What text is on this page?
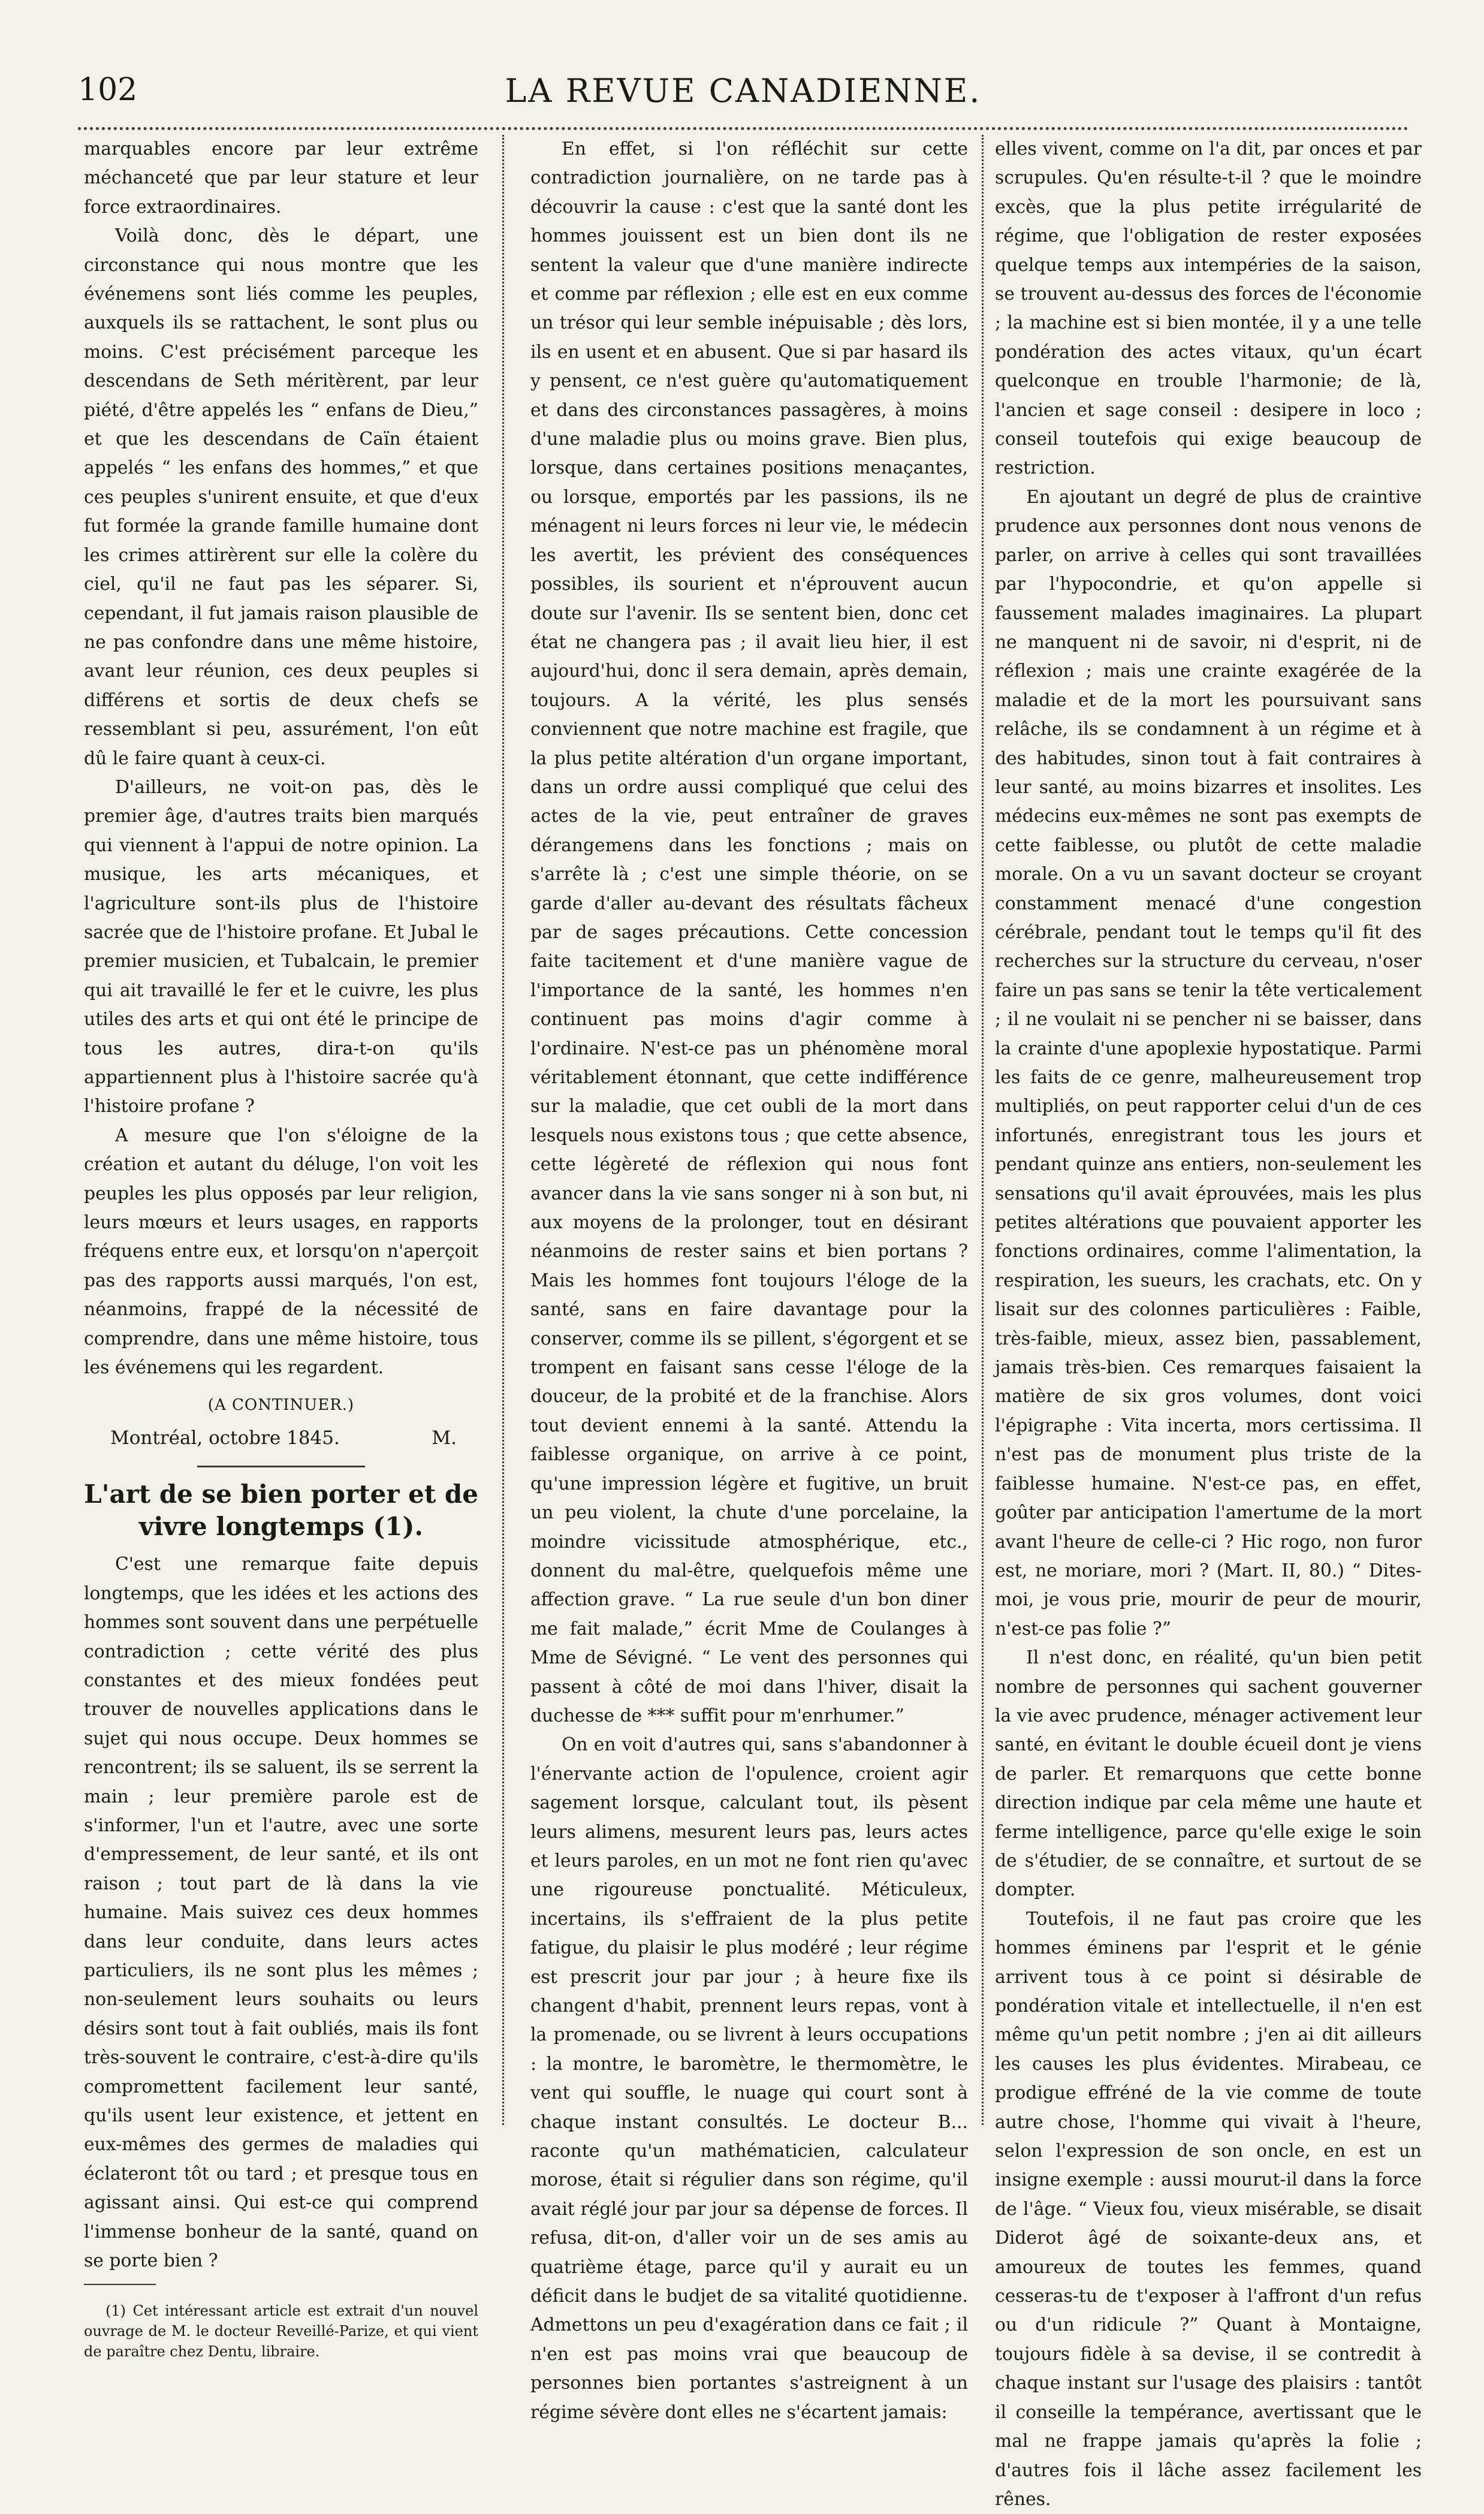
102	LA REVUE CANADIENNE.

marquables encore par leur extrême méchanceté que par leur stature et leur force extraordinaires.

Voilà donc, dès le départ, une circonstance qui nous montre que les événemens sont liés comme les peuples, auxquels ils se rattachent, le sont plus ou moins. C'est précisément parceque les descendans de Seth méritèrent, par leur piété, d'être appelés les “ enfans de Dieu,” et que les descendans de Caïn étaient appelés “ les enfans des hommes,” et que ces peuples s'unirent ensuite, et que d'eux fut formée la grande famille humaine dont les crimes attirèrent sur elle la colère du ciel, qu'il ne faut pas les séparer. Si, cependant, il fut jamais raison plausible de ne pas confondre dans une même histoire, avant leur réunion, ces deux peuples si différens et sortis de deux chefs se ressemblant si peu, assurément, l'on eût dû le faire quant à ceux-ci.

D'ailleurs, ne voit-on pas, dès le premier âge, d'autres traits bien marqués qui viennent à l'appui de notre opinion. La musique, les arts mécaniques, et l'agriculture sont-ils plus de l'histoire sacrée que de l'histoire profane. Et Jubal le premier musicien, et Tubalcain, le premier qui ait travaillé le fer et le cuivre, les plus utiles des arts et qui ont été le principe de tous les autres, dira-t-on qu'ils appartiennent plus à l'histoire sacrée qu'à l'histoire profane ?

A mesure que l'on s'éloigne de la création et autant du déluge, l'on voit les peuples les plus opposés par leur religion, leurs mœurs et leurs usages, en rapports fréquens entre eux, et lorsqu'on n'aperçoit pas des rapports aussi marqués, l'on est, néanmoins, frappé de la nécessité de comprendre, dans une même histoire, tous les événemens qui les regardent.

(A CONTINUER.)

Montréal, octobre 1845.	M.

L'art de se bien porter et de vivre longtemps (1).

C'est une remarque faite depuis longtemps, que les idées et les actions des hommes sont souvent dans une perpétuelle contradiction ; cette vérité des plus constantes et des mieux fondées peut trouver de nouvelles applications dans le sujet qui nous occupe. Deux hommes se rencontrent; ils se saluent, ils se serrent la main ; leur première parole est de s'informer, l'un et l'autre, avec une sorte d'empressement, de leur santé, et ils ont raison ; tout part de là dans la vie humaine. Mais suivez ces deux hommes dans leur conduite, dans leurs actes particuliers, ils ne sont plus les mêmes ; non-seulement leurs souhaits ou leurs désirs sont tout à fait oubliés, mais ils font très-souvent le contraire, c'est-à-dire qu'ils compromettent facilement leur santé, qu'ils usent leur existence, et jettent en eux-mêmes des germes de maladies qui éclateront tôt ou tard ; et presque tous en agissant ainsi. Qui est-ce qui comprend l'immense bonheur de la santé, quand on se porte bien ?

(1) Cet intéressant article est extrait d'un nouvel ouvrage de M. le docteur Reveillé-Parize, et qui vient de paraître chez Dentu, libraire.

En effet, si l'on réfléchit sur cette contradiction journalière, on ne tarde pas à découvrir la cause : c'est que la santé dont les hommes jouissent est un bien dont ils ne sentent la valeur que d'une manière indirecte et comme par réflexion ; elle est en eux comme un trésor qui leur semble inépuisable ; dès lors, ils en usent et en abusent. Que si par hasard ils y pensent, ce n'est guère qu'automatiquement et dans des circonstances passagères, à moins d'une maladie plus ou moins grave. Bien plus, lorsque, dans certaines positions menaçantes, ou lorsque, emportés par les passions, ils ne ménagent ni leurs forces ni leur vie, le médecin les avertit, les prévient des conséquences possibles, ils sourient et n'éprouvent aucun doute sur l'avenir. Ils se sentent bien, donc cet état ne changera pas ; il avait lieu hier, il est aujourd'hui, donc il sera demain, après demain, toujours. A la vérité, les plus sensés conviennent que notre machine est fragile, que la plus petite altération d'un organe important, dans un ordre aussi compliqué que celui des actes de la vie, peut entraîner de graves dérangemens dans les fonctions ; mais on s'arrête là ; c'est une simple théorie, on se garde d'aller au-devant des résultats fâcheux par de sages précautions. Cette concession faite tacitement et d'une manière vague de l'importance de la santé, les hommes n'en continuent pas moins d'agir comme à l'ordinaire. N'est-ce pas un phénomène moral véritablement étonnant, que cette indifférence sur la maladie, que cet oubli de la mort dans lesquels nous existons tous ; que cette absence, cette légèreté de réflexion qui nous font avancer dans la vie sans songer ni à son but, ni aux moyens de la prolonger, tout en désirant néanmoins de rester sains et bien portans ? Mais les hommes font toujours l'éloge de la santé, sans en faire davantage pour la conserver, comme ils se pillent, s'égorgent et se trompent en faisant sans cesse l'éloge de la douceur, de la probité et de la franchise. Alors tout devient ennemi à la santé. Attendu la faiblesse organique, on arrive à ce point, qu'une impression légère et fugitive, un bruit un peu violent, la chute d'une porcelaine, la moindre vicissitude atmosphérique, etc., donnent du mal-être, quelquefois même une affection grave. “ La rue seule d'un bon diner me fait malade,” écrit Mme de Coulanges à Mme de Sévigné. “ Le vent des personnes qui passent à côté de moi dans l'hiver, disait la duchesse de *** suffit pour m'enrhumer.”

On en voit d'autres qui, sans s'abandonner à l'énervante action de l'opulence, croient agir sagement lorsque, calculant tout, ils pèsent leurs alimens, mesurent leurs pas, leurs actes et leurs paroles, en un mot ne font rien qu'avec une rigoureuse ponctualité. Méticuleux, incertains, ils s'effraient de la plus petite fatigue, du plaisir le plus modéré ; leur régime est prescrit jour par jour ; à heure fixe ils changent d'habit, prennent leurs repas, vont à la promenade, ou se livrent à leurs occupations : la montre, le baromètre, le thermomètre, le vent qui souffle, le nuage qui court sont à chaque instant consultés. Le docteur B... raconte qu'un mathématicien, calculateur morose, était si régulier dans son régime, qu'il avait réglé jour par jour sa dépense de forces. Il refusa, dit-on, d'aller voir un de ses amis au quatrième étage, parce qu'il y aurait eu un déficit dans le budjet de sa vitalité quotidienne. Admettons un peu d'exagération dans ce fait ; il n'en est pas moins vrai que beaucoup de personnes bien portantes s'astreignent à un régime sévère dont elles ne s'écartent jamais:

elles vivent, comme on l'a dit, par onces et par scrupules. Qu'en résulte-t-il ? que le moindre excès, que la plus petite irrégularité de régime, que l'obligation de rester exposées quelque temps aux intempéries de la saison, se trouvent au-dessus des forces de l'économie ; la machine est si bien montée, il y a une telle pondération des actes vitaux, qu'un écart quelconque en trouble l'harmonie; de là, l'ancien et sage conseil : desipere in loco ; conseil toutefois qui exige beaucoup de restriction.

En ajoutant un degré de plus de craintive prudence aux personnes dont nous venons de parler, on arrive à celles qui sont travaillées par l'hypocondrie, et qu'on appelle si faussement malades imaginaires. La plupart ne manquent ni de savoir, ni d'esprit, ni de réflexion ; mais une crainte exagérée de la maladie et de la mort les poursuivant sans relâche, ils se condamnent à un régime et à des habitudes, sinon tout à fait contraires à leur santé, au moins bizarres et insolites. Les médecins eux-mêmes ne sont pas exempts de cette faiblesse, ou plutôt de cette maladie morale. On a vu un savant docteur se croyant constamment menacé d'une congestion cérébrale, pendant tout le temps qu'il fit des recherches sur la structure du cerveau, n'oser faire un pas sans se tenir la tête verticalement ; il ne voulait ni se pencher ni se baisser, dans la crainte d'une apoplexie hypostatique. Parmi les faits de ce genre, malheureusement trop multipliés, on peut rapporter celui d'un de ces infortunés, enregistrant tous les jours et pendant quinze ans entiers, non-seulement les sensations qu'il avait éprouvées, mais les plus petites altérations que pouvaient apporter les fonctions ordinaires, comme l'alimentation, la respiration, les sueurs, les crachats, etc. On y lisait sur des colonnes particulières : Faible, très-faible, mieux, assez bien, passablement, jamais très-bien. Ces remarques faisaient la matière de six gros volumes, dont voici l'épigraphe : Vita incerta, mors certissima. Il n'est pas de monument plus triste de la faiblesse humaine. N'est-ce pas, en effet, goûter par anticipation l'amertume de la mort avant l'heure de celle-ci ? Hic rogo, non furor est, ne moriare, mori ? (Mart. II, 80.) “ Dites-moi, je vous prie, mourir de peur de mourir, n'est-ce pas folie ?”

Il n'est donc, en réalité, qu'un bien petit nombre de personnes qui sachent gouverner la vie avec prudence, ménager activement leur santé, en évitant le double écueil dont je viens de parler. Et remarquons que cette bonne direction indique par cela même une haute et ferme intelligence, parce qu'elle exige le soin de s'étudier, de se connaître, et surtout de se dompter.

Toutefois, il ne faut pas croire que les hommes éminens par l'esprit et le génie arrivent tous à ce point si désirable de pondération vitale et intellectuelle, il n'en est même qu'un petit nombre ; j'en ai dit ailleurs les causes les plus évidentes. Mirabeau, ce prodigue effréné de la vie comme de toute autre chose, l'homme qui vivait à l'heure, selon l'expression de son oncle, en est un insigne exemple : aussi mourut-il dans la force de l'âge. “ Vieux fou, vieux misérable, se disait Diderot âgé de soixante-deux ans, et amoureux de toutes les femmes, quand cesseras-tu de t'exposer à l'affront d'un refus ou d'un ridicule ?” Quant à Montaigne, toujours fidèle à sa devise, il se contredit à chaque instant sur l'usage des plaisirs : tantôt il conseille la tempérance, avertissant que le mal ne frappe jamais qu'après la folie ; d'autres fois il lâche assez facilement les rênes.
